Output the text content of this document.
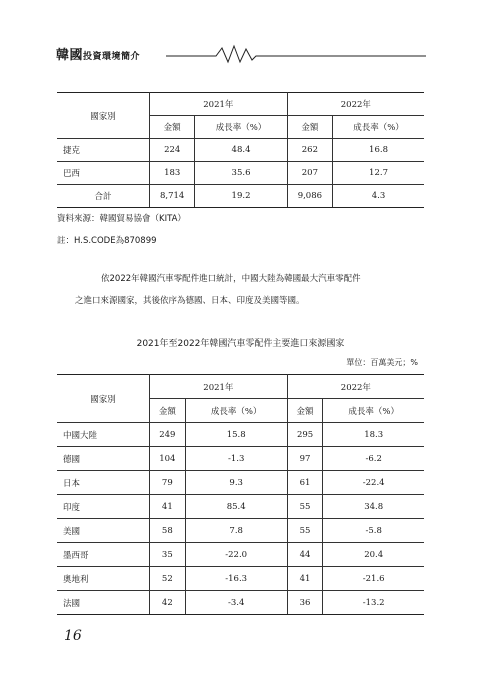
韓國投資環境簡介
國家別	2021年		2022年	
	金額	成長率（%）	金額	成長率（%）
捷克	224	48.4	262	16.8
巴西	183	35.6	207	12.7
合計	8,714	19.2	9,086	4.3
資料來源：韓國貿易協會（KITA）
註：H.S.CODE為870899
依2022年韓國汽車零配件進口統計，中國大陸為韓國最大汽車零配件
之進口來源國家，其後依序為德國、日本、印度及美國等國。
2021年至2022年韓國汽車零配件主要進口來源國家
單位：百萬美元；%
國家別	2021年		2022年	
	金額	成長率（%）	金額	成長率（%）
中國大陸	249	15.8	295	18.3
德國	104	-1.3	97	-6.2
日本	79	9.3	61	-22.4
印度	41	85.4	55	34.8
美國	58	7.8	55	-5.8
墨西哥	35	-22.0	44	20.4
奧地利	52	-16.3	41	-21.6
法國	42	-3.4	36	-13.2
16
